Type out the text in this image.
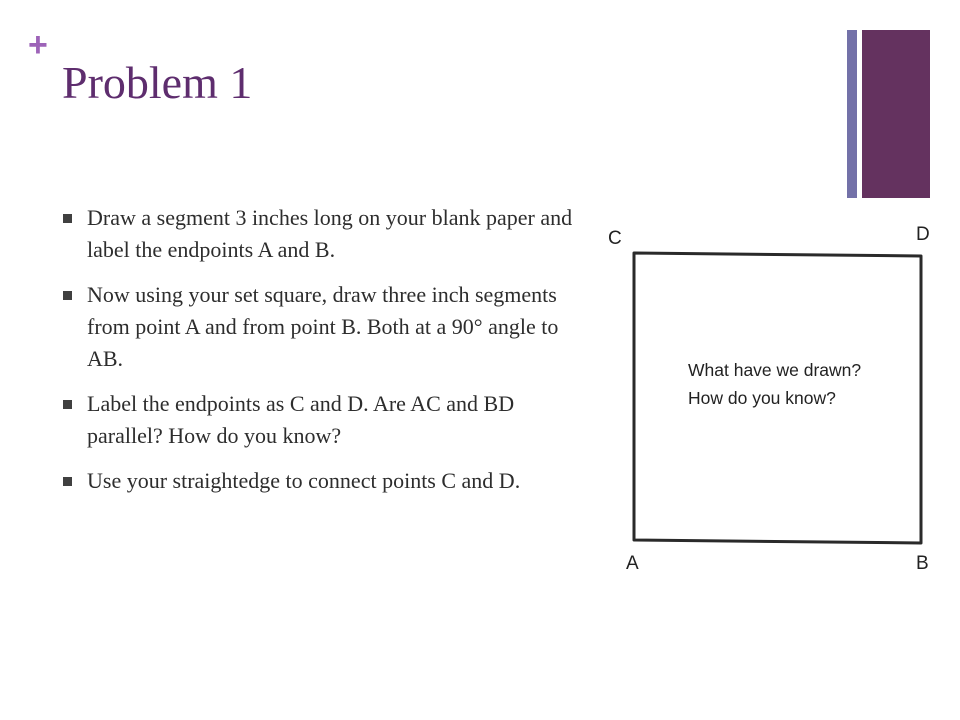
+
Problem 1
Draw a segment 3 inches long on your blank paper and label the endpoints A and B.
Now using your set square, draw three inch segments from point A and from point B. Both at a 90° angle to AB.
Label the endpoints as C and D. Are AC and BD parallel? How do you know?
Use your straightedge to connect points C and D.
C	D
A	B
What have we drawn? How do you know?
